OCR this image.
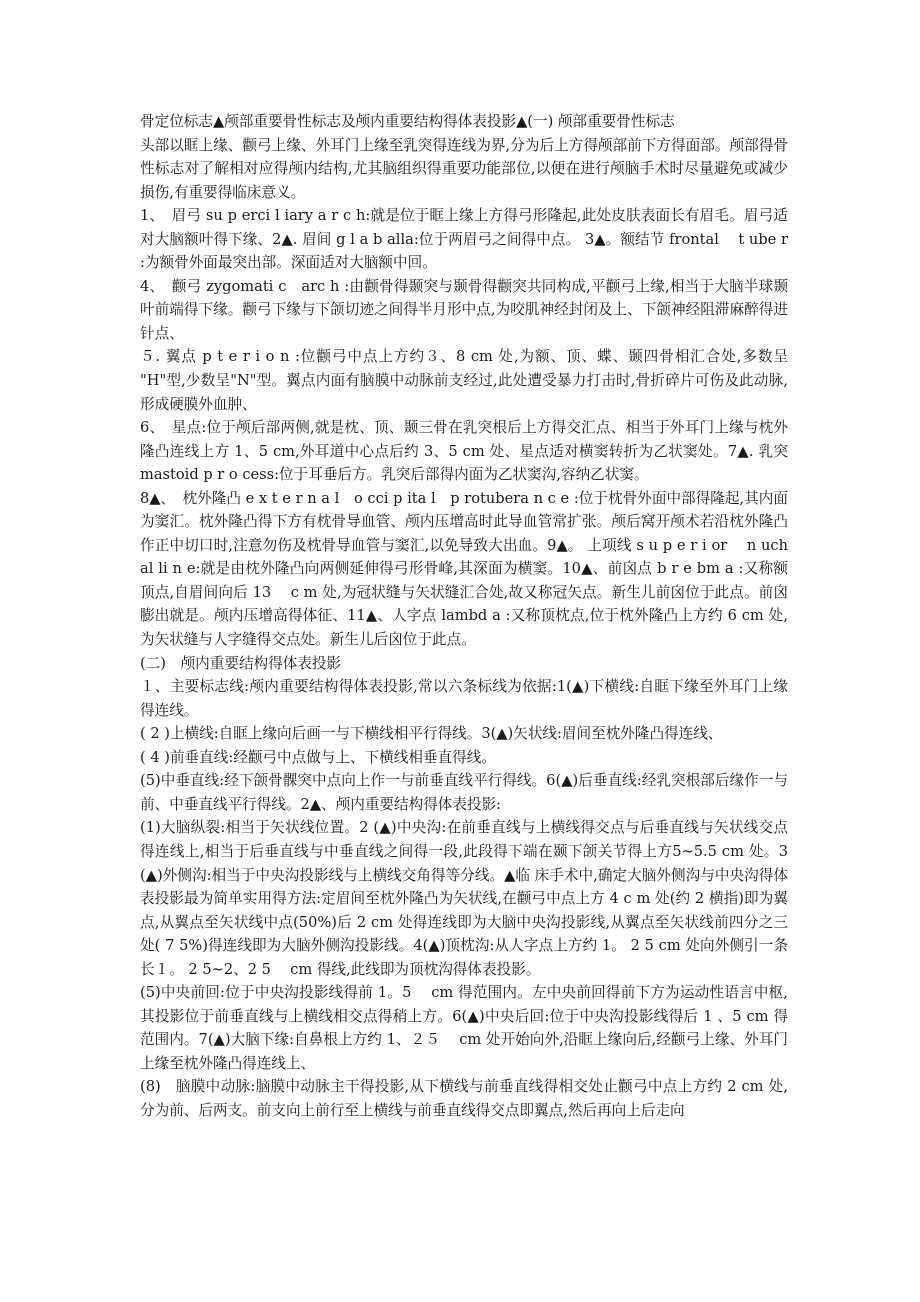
骨定位标志▲颅部重要骨性标志及颅内重要结构得体表投影▲(一) 颅部重要骨性标志

头部以眶上缘、颧弓上缘、外耳门上缘至乳突得连线为界,分为后上方得颅部前下方得面部。颅部得骨性标志对了解相对应得颅内结构,尤其脑组织得重要功能部位,以便在进行颅脑手术时尽量避免或减少损伤,有重要得临床意义。

1、　眉弓 su p erci l iary a r c h:就是位于眶上缘上方得弓形隆起,此处皮肤表面长有眉毛。眉弓适对大脑额叶得下缘、2▲. 眉间 g l a b alla:位于两眉弓之间得中点。 3▲。额结节 frontal　 t ube r :为额骨外面最突出部。深面适对大脑额中回。

4、　颧弓 zygomati c　arc h :由颧骨得颞突与颞骨得颧突共同构成,平颧弓上缘,相当于大脑半球颞叶前端得下缘。颧弓下缘与下颌切迹之间得半月形中点,为咬肌神经封闭及上、下颌神经阻滞麻醉得进针点、

５. 翼点 p t e r i o n :位颧弓中点上方约３、8 cm 处,为额、顶、蝶、颞四骨相汇合处,多数呈 "H"型,少数呈"N"型。翼点内面有脑膜中动脉前支经过,此处遭受暴力打击时,骨折碎片可伤及此动脉,形成硬膜外血肿、

6、　星点:位于颅后部两侧,就是枕、顶、颞三骨在乳突根后上方得交汇点、相当于外耳门上缘与枕外隆凸连线上方 1、5 cm,外耳道中心点后约 3、5 cm 处、星点适对横窦转折为乙状窦处。7▲. 乳突 mastoid p r o cess:位于耳垂后方。乳突后部得内面为乙状窦沟,容纳乙状窦。

8▲、　枕外隆凸 e x t e r n a l　o cci p ita l　p rotubera n c e :位于枕骨外面中部得隆起,其内面为窦汇。枕外隆凸得下方有枕骨导血管、颅内压增高时此导血管常扩张。颅后窝开颅术若沿枕外隆凸作正中切口时,注意勿伤及枕骨导血管与窦汇,以免导致大出血。9▲。 上项线 s u p e r i or　 n uchal li n e:就是由枕外隆凸向两侧延伸得弓形骨峰,其深面为横窦。10▲、前囟点 b r e bm a :又称额顶点,自眉间向后 13　 c m 处,为冠状缝与矢状缝汇合处,故又称冠矢点。新生儿前囟位于此点。前囟膨出就是。颅内压增高得体征、11▲、人字点 lambd a :又称顶枕点,位于枕外隆凸上方约 6 cm 处,为矢状缝与人字缝得交点处。新生儿后囟位于此点。

(二)　颅内重要结构得体表投影

１、主要标志线:颅内重要结构得体表投影,常以六条标线为依据:1(▲)下横线:自眶下缘至外耳门上缘得连线。

( 2 )上横线:自眶上缘向后画一与下横线相平行得线。3(▲)矢状线:眉间至枕外隆凸得连线、

( 4 )前垂直线:经颧弓中点做与上、下横线相垂直得线。

(5)中垂直线:经下颌骨髁突中点向上作一与前垂直线平行得线。6(▲)后垂直线:经乳突根部后缘作一与前、中垂直线平行得线。2▲、颅内重要结构得体表投影:

(1)大脑纵裂:相当于矢状线位置。2 (▲)中央沟:在前垂直线与上横线得交点与后垂直线与矢状线交点得连线上,相当于后垂直线与中垂直线之间得一段,此段得下端在颞下颌关节得上方5~5.5 cm 处。3(▲)外侧沟:相当于中央沟投影线与上横线交角得等分线。▲临 床手术中,确定大脑外侧沟与中央沟得体表投影最为简单实用得方法:定眉间至枕外隆凸为矢状线,在颧弓中点上方 4 c m 处(约 2 横指)即为翼点,从翼点至矢状线中点(50%)后 2 cm 处得连线即为大脑中央沟投影线,从翼点至矢状线前四分之三处( 7 5%)得连线即为大脑外侧沟投影线。4(▲)顶枕沟:从人字点上方约 1。 2 5 cm 处向外侧引一条长１。 2 5~2、2 5　 cm 得线,此线即为顶枕沟得体表投影。

(5)中央前回:位于中央沟投影线得前 1。5　 cm 得范围内。左中央前回得前下方为运动性语言中枢,其投影位于前垂直线与上横线相交点得稍上方。6(▲)中央后回:位于中央沟投影线得后 1 、5 cm 得范围内。7(▲)大脑下缘:自鼻根上方约 1、２５　 cm 处开始向外,沿眶上缘向后,经颧弓上缘、外耳门上缘至枕外隆凸得连线上、

(8)　脑膜中动脉:脑膜中动脉主干得投影,从下横线与前垂直线得相交处止颧弓中点上方约 2 cm 处,分为前、后两支。前支向上前行至上横线与前垂直线得交点即翼点,然后再向上后走向
